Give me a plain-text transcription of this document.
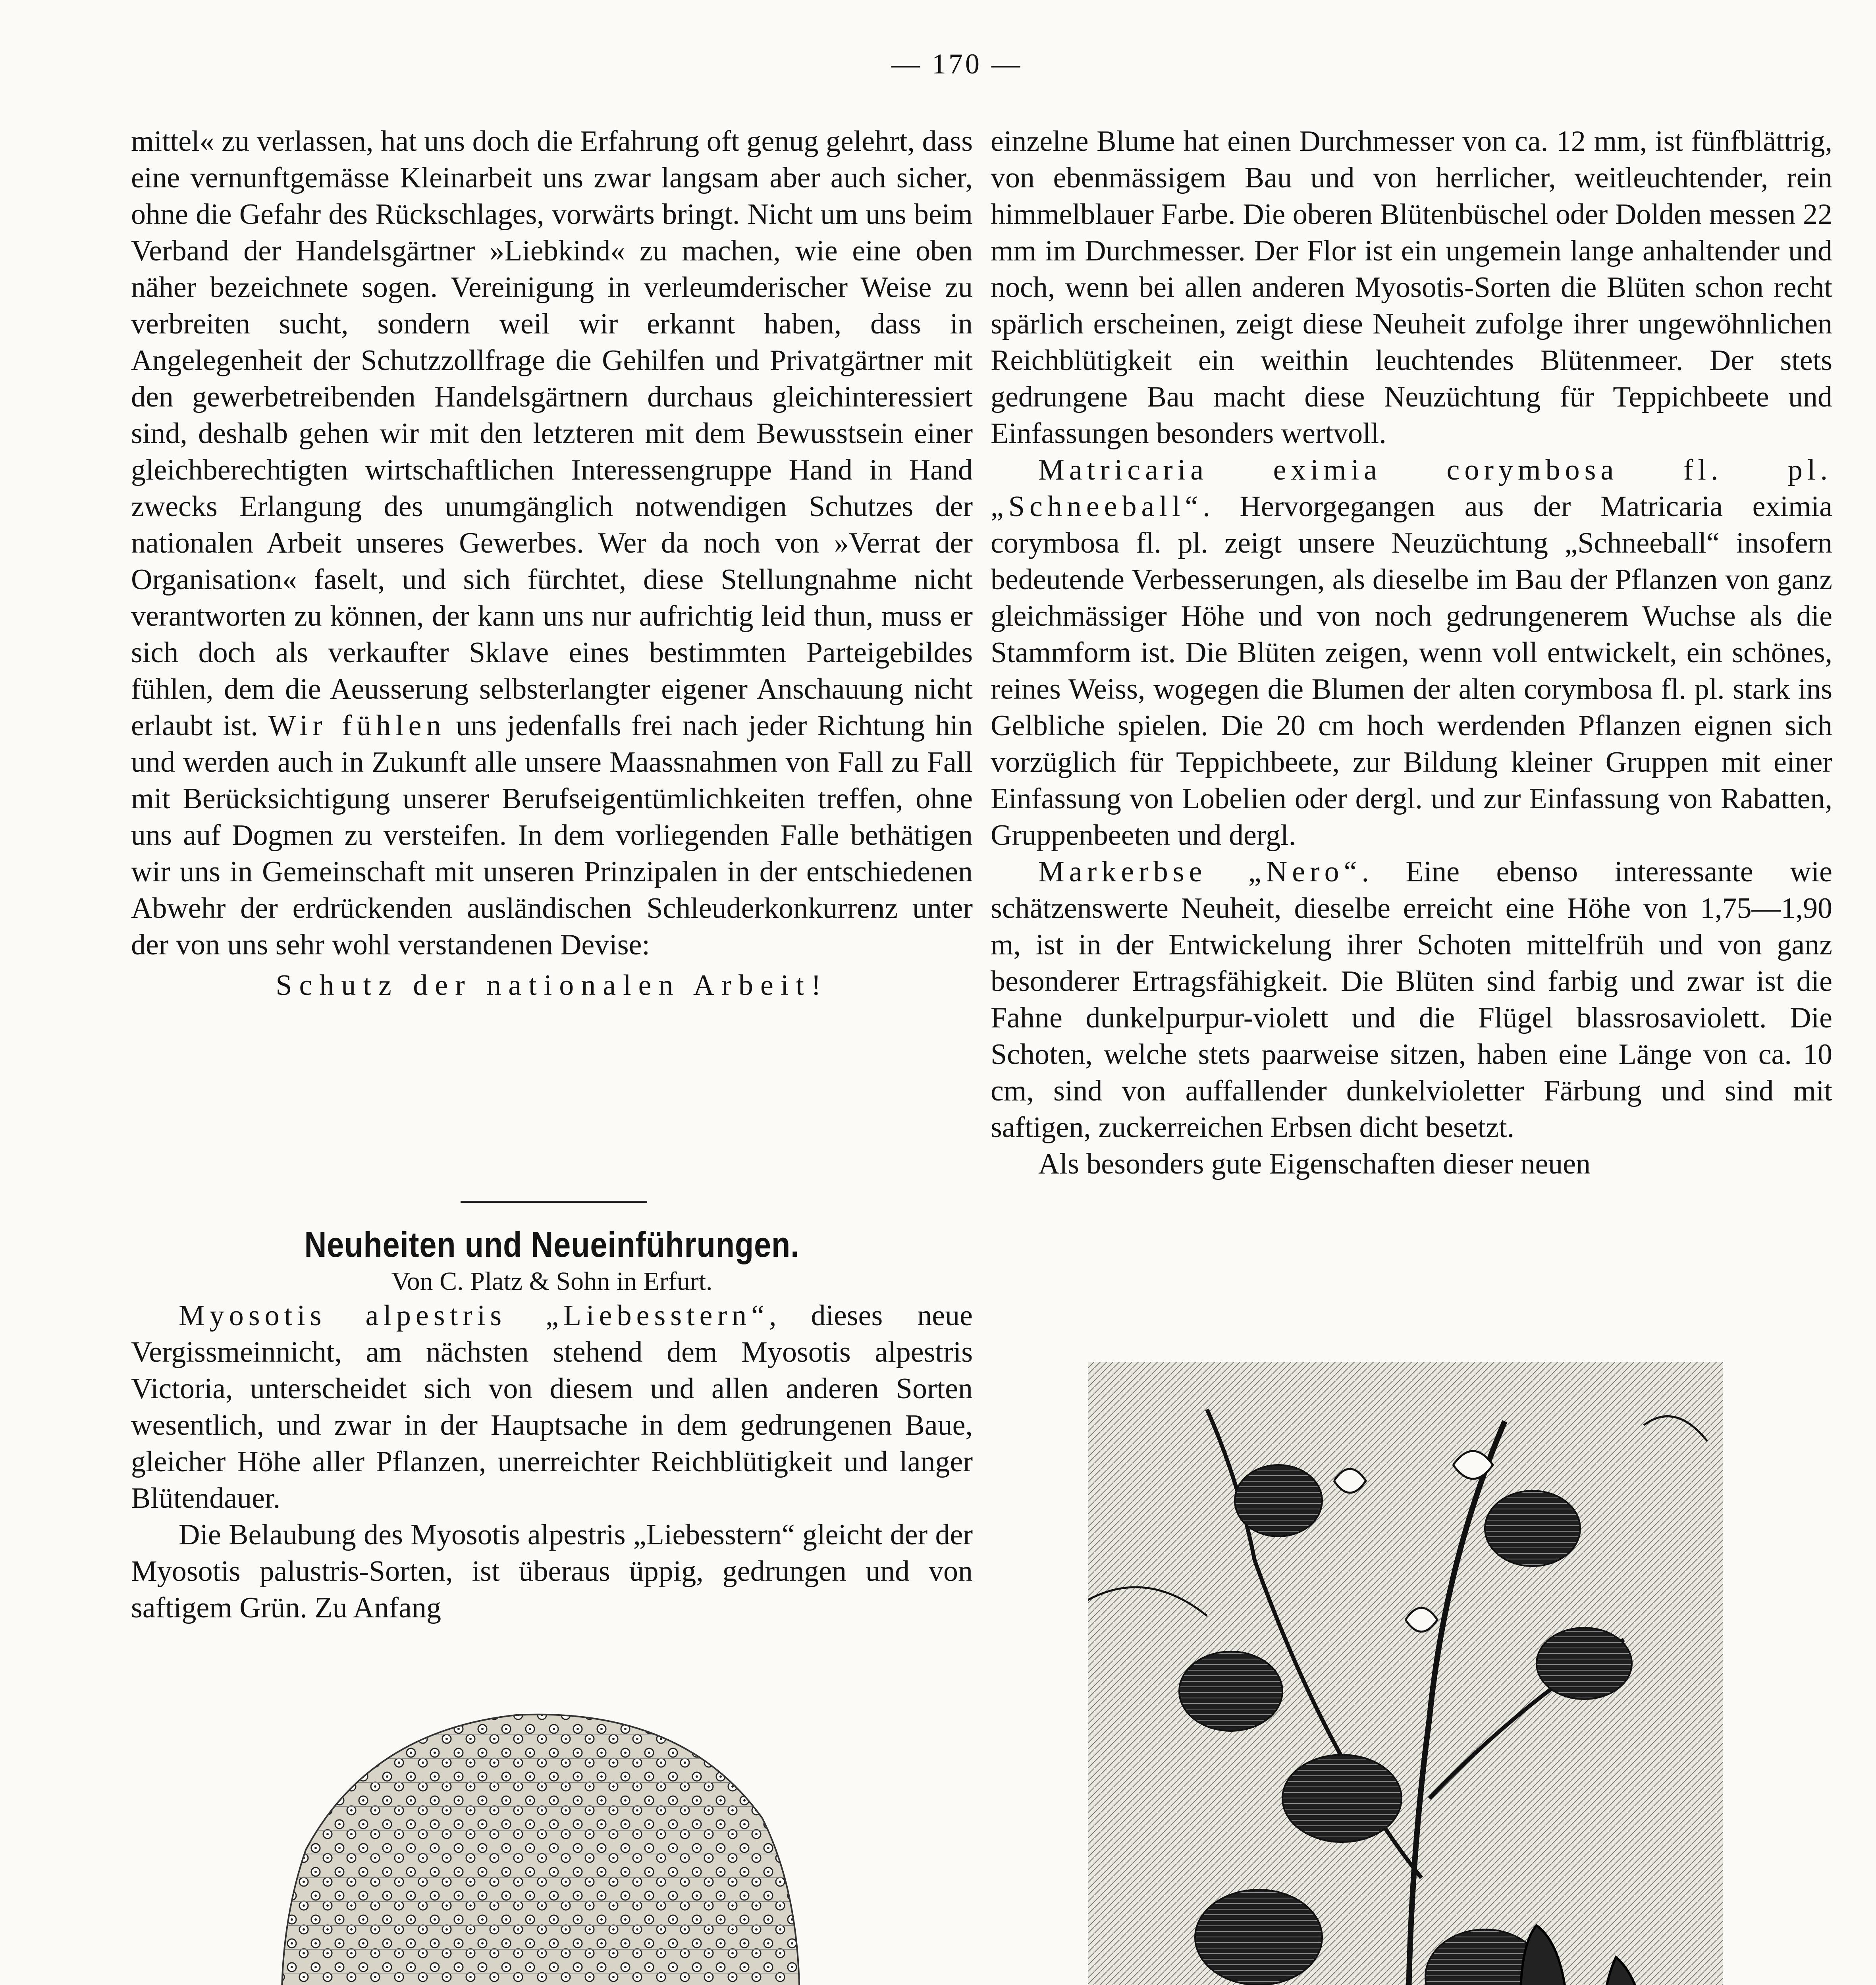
— 170 —

mittel« zu verlassen, hat uns doch die Erfahrung oft genug gelehrt, dass eine vernunftgemässe Kleinarbeit uns zwar langsam aber auch sicher, ohne die Gefahr des Rückschlages, vorwärts bringt. Nicht um uns beim Verband der Handelsgärtner »Liebkind« zu machen, wie eine oben näher bezeichnete sogen. Vereinigung in verleumderischer Weise zu verbreiten sucht, sondern weil wir erkannt haben, dass in Angelegenheit der Schutzzollfrage die Gehilfen und Privatgärtner mit den gewerbetreibenden Handelsgärtnern durchaus gleichinteressiert sind, deshalb gehen wir mit den letzteren mit dem Bewusstsein einer gleichberechtigten wirtschaftlichen Interessengruppe Hand in Hand zwecks Erlangung des unumgänglich notwendigen Schutzes der nationalen Arbeit unseres Gewerbes. Wer da noch von »Verrat der Organisation« faselt, und sich fürchtet, diese Stellungnahme nicht verantworten zu können, der kann uns nur aufrichtig leid thun, muss er sich doch als verkaufter Sklave eines bestimmten Parteigebildes fühlen, dem die Aeusserung selbsterlangter eigener Anschauung nicht erlaubt ist. Wir fühlen uns jedenfalls frei nach jeder Richtung hin und werden auch in Zukunft alle unsere Maassnahmen von Fall zu Fall mit Berücksichtigung unserer Berufseigentümlichkeiten treffen, ohne uns auf Dogmen zu versteifen. In dem vorliegenden Falle bethätigen wir uns in Gemeinschaft mit unseren Prinzipalen in der entschiedenen Abwehr der erdrückenden ausländischen Schleuderkonkurrenz unter der von uns sehr wohl verstandenen Devise:

Schutz der nationalen Arbeit!

Neuheiten und Neueinführungen.

Von C. Platz & Sohn in Erfurt.

Myosotis alpestris „Liebesstern“, dieses neue Vergissmeinnicht, am nächsten stehend dem Myosotis alpestris Victoria, unterscheidet sich von diesem und allen anderen Sorten wesentlich, und zwar in der Hauptsache in dem gedrungenen Baue, gleicher Höhe aller Pflanzen, unerreichter Reichblütigkeit und langer Blütendauer.

Die Belaubung des Myosotis alpestris „Liebesstern“ gleicht der der Myosotis palustris-Sorten, ist überaus üppig, gedrungen und von saftigem Grün. Zu Anfang

einzelne Blume hat einen Durchmesser von ca. 12 mm, ist fünfblättrig, von ebenmässigem Bau und von herrlicher, weitleuchtender, rein himmelblauer Farbe. Die oberen Blütenbüschel oder Dolden messen 22 mm im Durchmesser. Der Flor ist ein ungemein lange anhaltender und noch, wenn bei allen anderen Myosotis-Sorten die Blüten schon recht spärlich erscheinen, zeigt diese Neuheit zufolge ihrer ungewöhnlichen Reichblütigkeit ein weithin leuchtendes Blütenmeer. Der stets gedrungene Bau macht diese Neuzüchtung für Teppichbeete und Einfassungen besonders wertvoll.

Matricaria eximia corymbosa fl. pl. „Schneeball“. Hervorgegangen aus der Matricaria eximia corymbosa fl. pl. zeigt unsere Neuzüchtung „Schneeball“ insofern bedeutende Verbesserungen, als dieselbe im Bau der Pflanzen von ganz gleichmässiger Höhe und von noch gedrungenerem Wuchse als die Stammform ist. Die Blüten zeigen, wenn voll entwickelt, ein schönes, reines Weiss, wogegen die Blumen der alten corymbosa fl. pl. stark ins Gelbliche spielen. Die 20 cm hoch werdenden Pflanzen eignen sich vorzüglich für Teppichbeete, zur Bildung kleiner Gruppen mit einer Einfassung von Lobelien oder dergl. und zur Einfassung von Rabatten, Gruppenbeeten und dergl.

Markerbse „Nero“. Eine ebenso interessante wie schätzenswerte Neuheit, dieselbe erreicht eine Höhe von 1,75—1,90 m, ist in der Entwickelung ihrer Schoten mittelfrüh und von ganz besonderer Ertragsfähigkeit. Die Blüten sind farbig und zwar ist die Fahne dunkelpurpur-violett und die Flügel blassrosaviolett. Die Schoten, welche stets paarweise sitzen, haben eine Länge von ca. 10 cm, sind von auffallender dunkelvioletter Färbung und sind mit saftigen, zuckerreichen Erbsen dicht besetzt.

Als besonders gute Eigenschaften dieser neuen
